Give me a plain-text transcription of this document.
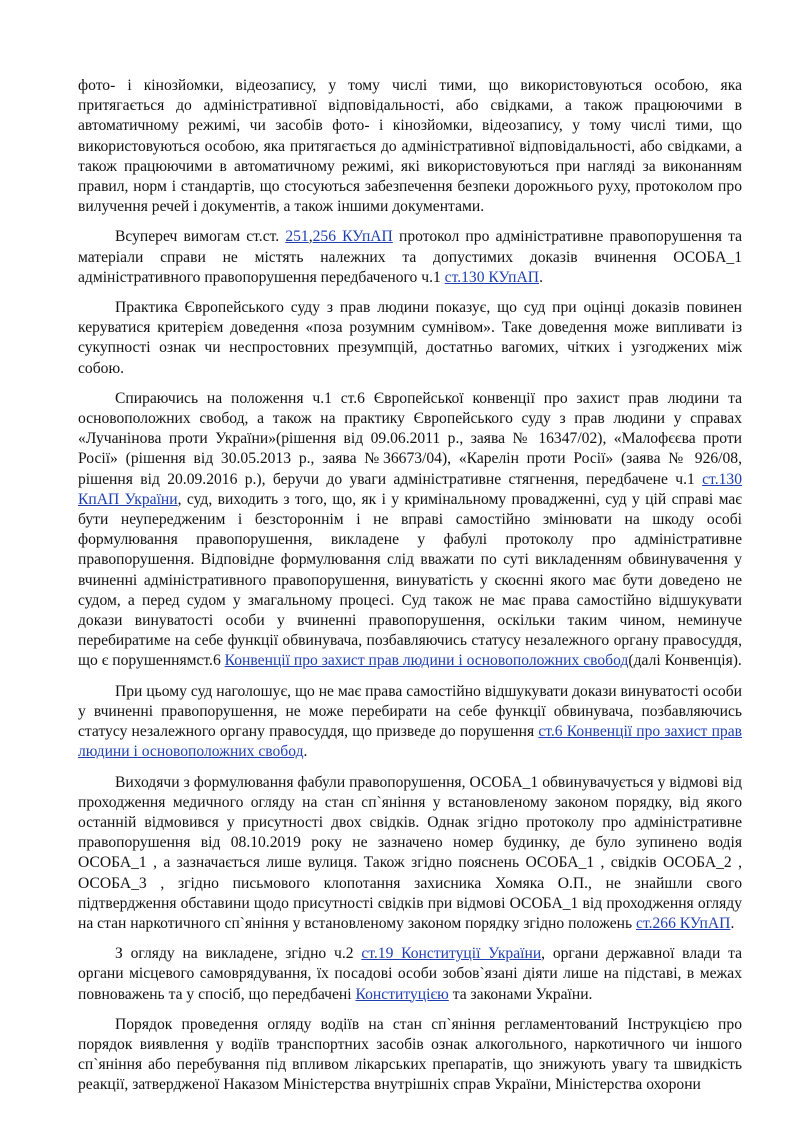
фото- і кінозйомки, відеозапису, у тому числі тими, що використовуються особою, яка притягається до адміністративної відповідальності, або свідками, а також працюючими в автоматичному режимі, чи засобів фото- і кінозйомки, відеозапису, у тому числі тими, що використовуються особою, яка притягається до адміністративної відповідальності, або свідками, а також працюючими в автоматичному режимі, які використовуються при нагляді за виконанням правил, норм і стандартів, що стосуються забезпечення безпеки дорожнього руху, протоколом про вилучення речей і документів, а також іншими документами.

Всупереч вимогам ст.ст. 251,256 КУпАП протокол про адміністративне правопорушення та матеріали справи не містять належних та допустимих доказів вчинення ОСОБА_1 адміністративного правопорушення передбаченого ч.1 ст.130 КУпАП.

Практика Європейського суду з прав людини показує, що суд при оцінці доказів повинен керуватися критерієм доведення «поза розумним сумнівом». Таке доведення може випливати із сукупності ознак чи неспростовних презумпцій, достатньо вагомих, чітких і узгоджених між собою.

Спираючись на положення ч.1 ст.6 Європейської конвенції про захист прав людини та основоположних свобод, а також на практику Європейського суду з прав людини у справах «Лучанінова проти України»(рішення від 09.06.2011 р., заява № 16347/02), «Малофєєва проти Росії» (рішення від 30.05.2013 р., заява №36673/04), «Карелін проти Росії» (заява № 926/08, рішення від 20.09.2016 р.), беручи до уваги адміністративне стягнення, передбачене ч.1 ст.130 КпАП України, суд, виходить з того, що, як і у кримінальному провадженні, суд у цій справі має бути неупередженим і безстороннім і не вправі самостійно змінювати на шкоду особі формулювання правопорушення, викладене у фабулі протоколу про адміністративне правопорушення. Відповідне формулювання слід вважати по суті викладенням обвинувачення у вчиненні адміністративного правопорушення, винуватість у скоєнні якого має бути доведено не судом, а перед судом у змагальному процесі. Суд також не має права самостійно відшукувати докази винуватості особи у вчиненні правопорушення, оскільки таким чином, неминуче перебиратиме на себе функції обвинувача, позбавляючись статусу незалежного органу правосуддя, що є порушеннямст.6 Конвенції про захист прав людини і основоположних свобод(далі Конвенція).

При цьому суд наголошує, що не має права самостійно відшукувати докази винуватості особи у вчиненні правопорушення, не може перебирати на себе функції обвинувача, позбавляючись статусу незалежного органу правосуддя, що призведе до порушення ст.6 Конвенції про захист прав людини і основоположних свобод.

Виходячи з формулювання фабули правопорушення, ОСОБА_1 обвинувачується у відмові від проходження медичного огляду на стан сп`яніння у встановленому законом порядку, від якого останній відмовився у присутності двох свідків. Однак згідно протоколу про адміністративне правопорушення від 08.10.2019 року не зазначено номер будинку, де було зупинено водія ОСОБА_1 , а зазначається лише вулиця. Також згідно пояснень ОСОБА_1 , свідків ОСОБА_2 , ОСОБА_3 , згідно письмового клопотання захисника Хомяка О.П., не знайшли свого підтвердження обставини щодо присутності свідків при відмові ОСОБА_1 від проходження огляду на стан наркотичного сп`яніння у встановленому законом порядку згідно положень ст.266 КУпАП.

З огляду на викладене, згідно ч.2 ст.19 Конституції України, органи державної влади та органи місцевого самоврядування, їх посадові особи зобов`язані діяти лише на підставі, в межах повноважень та у спосіб, що передбачені Конституцією та законами України.

Порядок проведення огляду водіїв на стан сп`яніння регламентований Інструкцією про порядок виявлення у водіїв транспортних засобів ознак алкогольного, наркотичного чи іншого сп`яніння або перебування під впливом лікарських препаратів, що знижують увагу та швидкість реакції, затвердженої Наказом Міністерства внутрішніх справ України, Міністерства охорони
